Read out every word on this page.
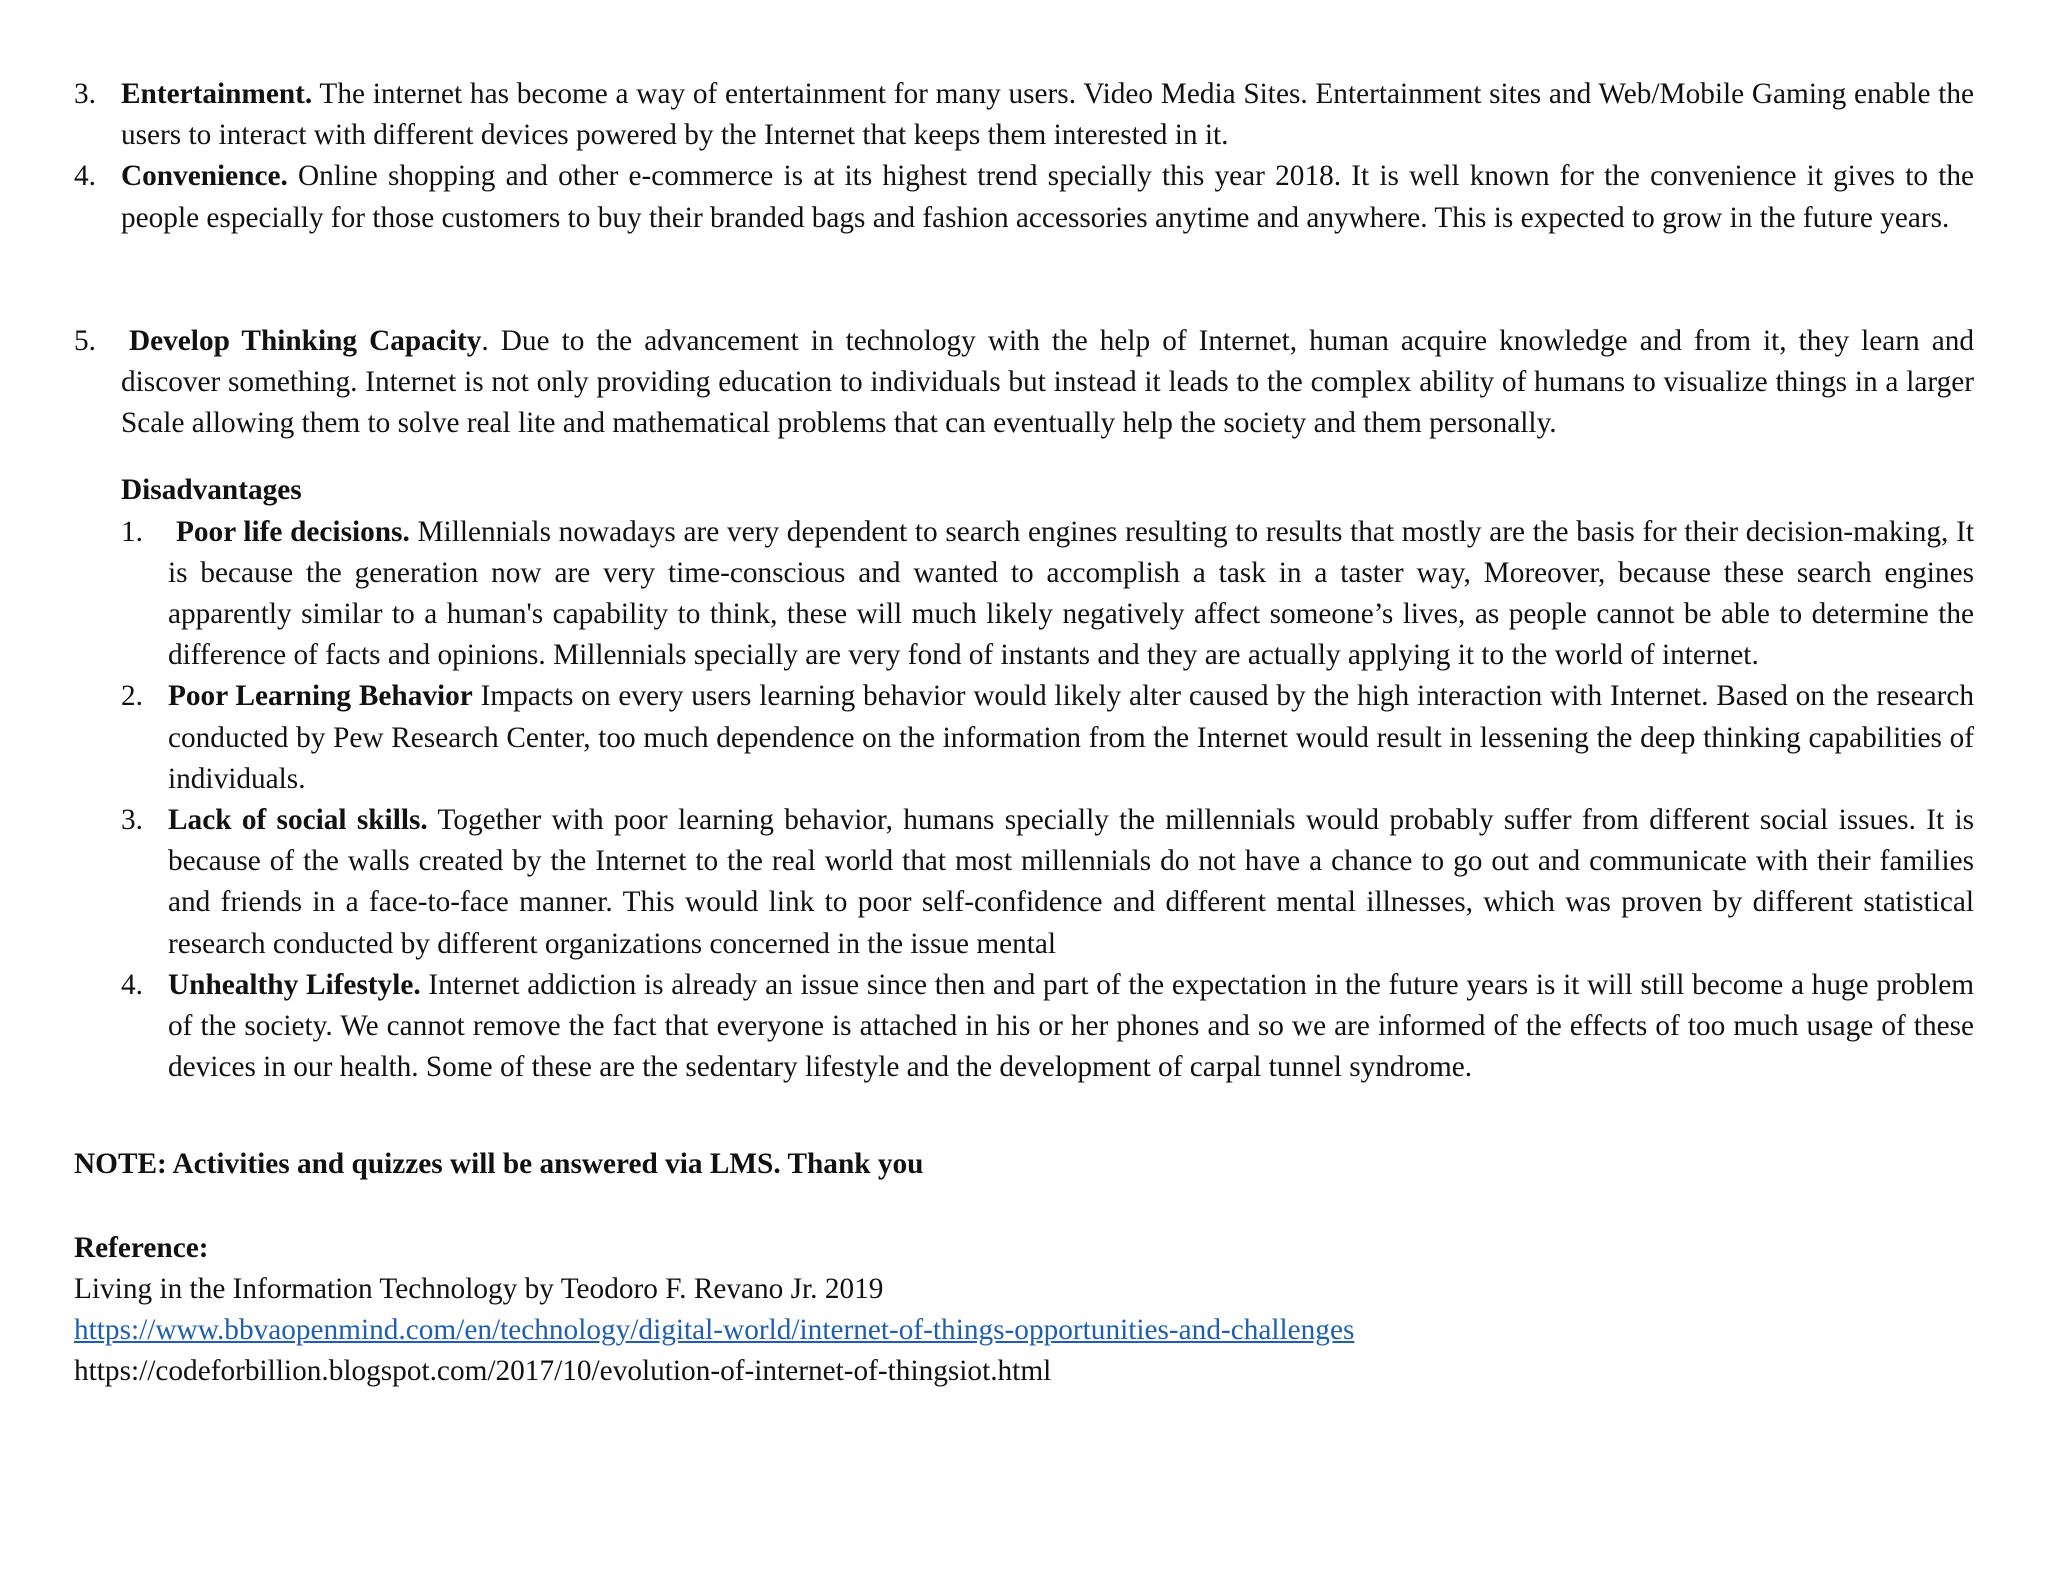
3. Entertainment. The internet has become a way of entertainment for many users. Video Media Sites. Entertainment sites and Web/Mobile Gaming enable the users to interact with different devices powered by the Internet that keeps them interested in it.
4. Convenience. Online shopping and other e-commerce is at its highest trend specially this year 2018. It is well known for the convenience it gives to the people especially for those customers to buy their branded bags and fashion accessories anytime and anywhere. This is expected to grow in the future years.
5. Develop Thinking Capacity. Due to the advancement in technology with the help of Internet, human acquire knowledge and from it, they learn and discover something. Internet is not only providing education to individuals but instead it leads to the complex ability of humans to visualize things in a larger Scale allowing them to solve real lite and mathematical problems that can eventually help the society and them personally.
Disadvantages
1. Poor life decisions. Millennials nowadays are very dependent to search engines resulting to results that mostly are the basis for their decision-making, It is because the generation now are very time-conscious and wanted to accomplish a task in a taster way, Moreover, because these search engines apparently similar to a human's capability to think, these will much likely negatively affect someone’s lives, as people cannot be able to determine the difference of facts and opinions. Millennials specially are very fond of instants and they are actually applying it to the world of internet.
2. Poor Learning Behavior Impacts on every users learning behavior would likely alter caused by the high interaction with Internet. Based on the research conducted by Pew Research Center, too much dependence on the information from the Internet would result in lessening the deep thinking capabilities of individuals.
3. Lack of social skills. Together with poor learning behavior, humans specially the millennials would probably suffer from different social issues. It is because of the walls created by the Internet to the real world that most millennials do not have a chance to go out and communicate with their families and friends in a face-to-face manner. This would link to poor self-confidence and different mental illnesses, which was proven by different statistical research conducted by different organizations concerned in the issue mental
4. Unhealthy Lifestyle. Internet addiction is already an issue since then and part of the expectation in the future years is it will still become a huge problem of the society. We cannot remove the fact that everyone is attached in his or her phones and so we are informed of the effects of too much usage of these devices in our health. Some of these are the sedentary lifestyle and the development of carpal tunnel syndrome.
NOTE: Activities and quizzes will be answered via LMS. Thank you
Reference:
Living in the Information Technology by Teodoro F. Revano Jr. 2019
https://www.bbvaopenmind.com/en/technology/digital-world/internet-of-things-opportunities-and-challenges
https://codeforbillion.blogspot.com/2017/10/evolution-of-internet-of-thingsiot.html
